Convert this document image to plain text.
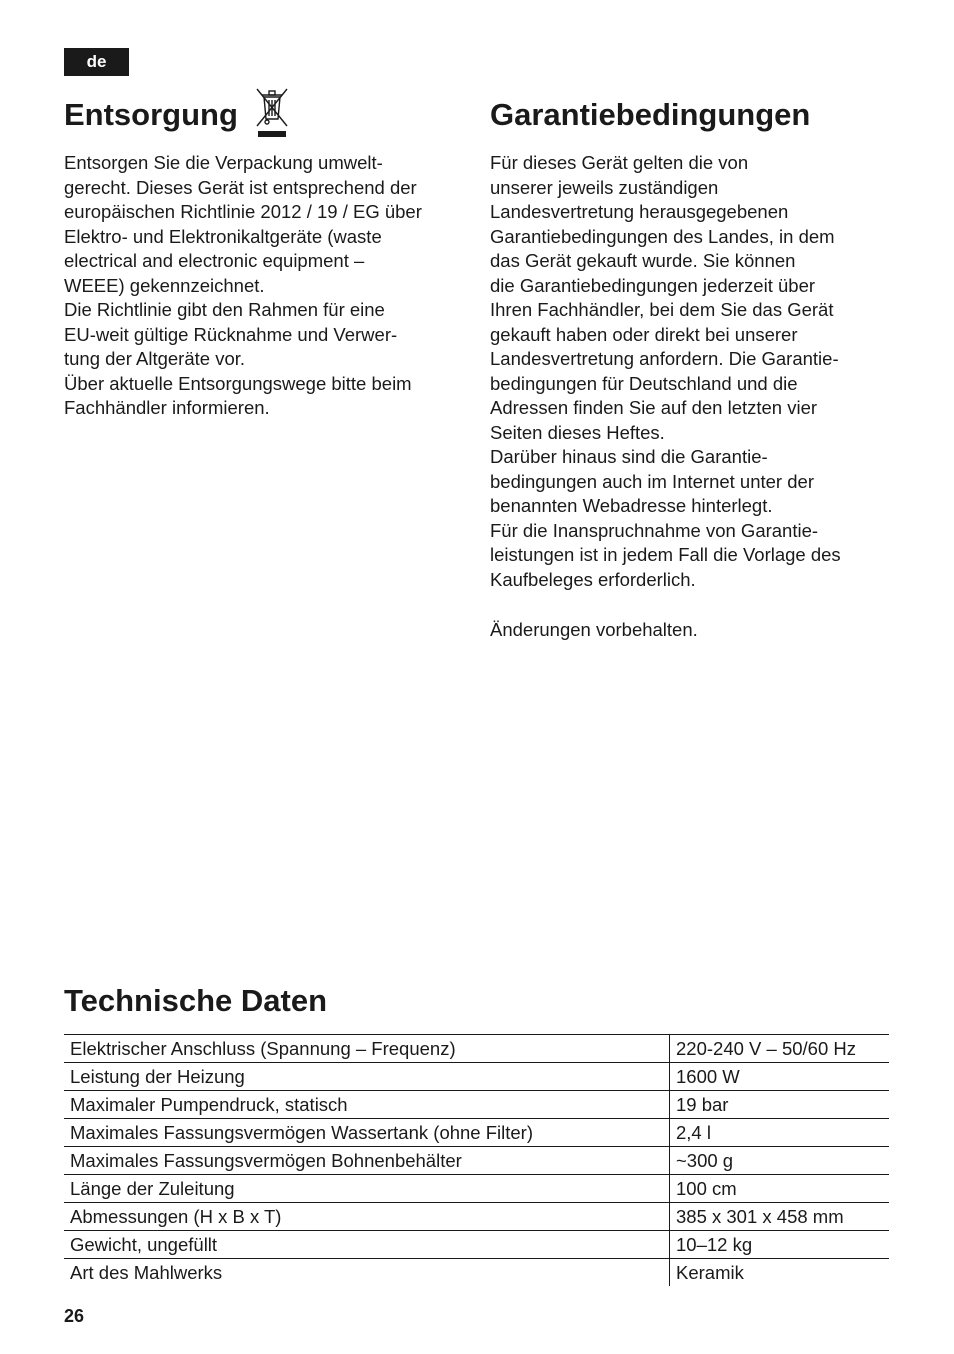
de
Entsorgung

Entsorgen Sie die Verpackung umwelt-
gerecht. Dieses Gerät ist entsprechend der
europäischen Richtlinie 2012 / 19 / EG über
Elektro- und Elektronikaltgeräte (waste
electrical and electronic equipment –
WEEE) gekennzeichnet.
Die Richtlinie gibt den Rahmen für eine
EU-weit gültige Rücknahme und Verwer-
tung der Altgeräte vor.
Über aktuelle Entsorgungswege bitte beim
Fachhändler informieren.

Garantiebedingungen

Für dieses Gerät gelten die von
unserer jeweils zuständigen
Landesvertretung herausgegebenen
Garantiebedingungen des Landes, in dem
das Gerät gekauft wurde. Sie können
die Garantiebedingungen jederzeit über
Ihren Fachhändler, bei dem Sie das Gerät
gekauft haben oder direkt bei unserer
Landesvertretung anfordern. Die Garantie-
bedingungen für Deutschland und die
Adressen finden Sie auf den letzten vier
Seiten dieses Heftes.
Darüber hinaus sind die Garantie-
bedingungen auch im Internet unter der
benannten Webadresse hinterlegt.
Für die Inanspruchnahme von Garantie-
leistungen ist in jedem Fall die Vorlage des
Kaufbeleges erforderlich.

Änderungen vorbehalten.

Technische Daten
Elektrischer Anschluss (Spannung – Frequenz)	220-240 V – 50/60 Hz
Leistung der Heizung	1600 W
Maximaler Pumpendruck, statisch	19 bar
Maximales Fassungsvermögen Wassertank (ohne Filter)	2,4 l
Maximales Fassungsvermögen Bohnenbehälter	~300 g
Länge der Zuleitung	100 cm
Abmessungen (H x B x T)	385 x 301 x 458 mm
Gewicht, ungefüllt	10–12 kg
Art des Mahlwerks	Keramik
26
